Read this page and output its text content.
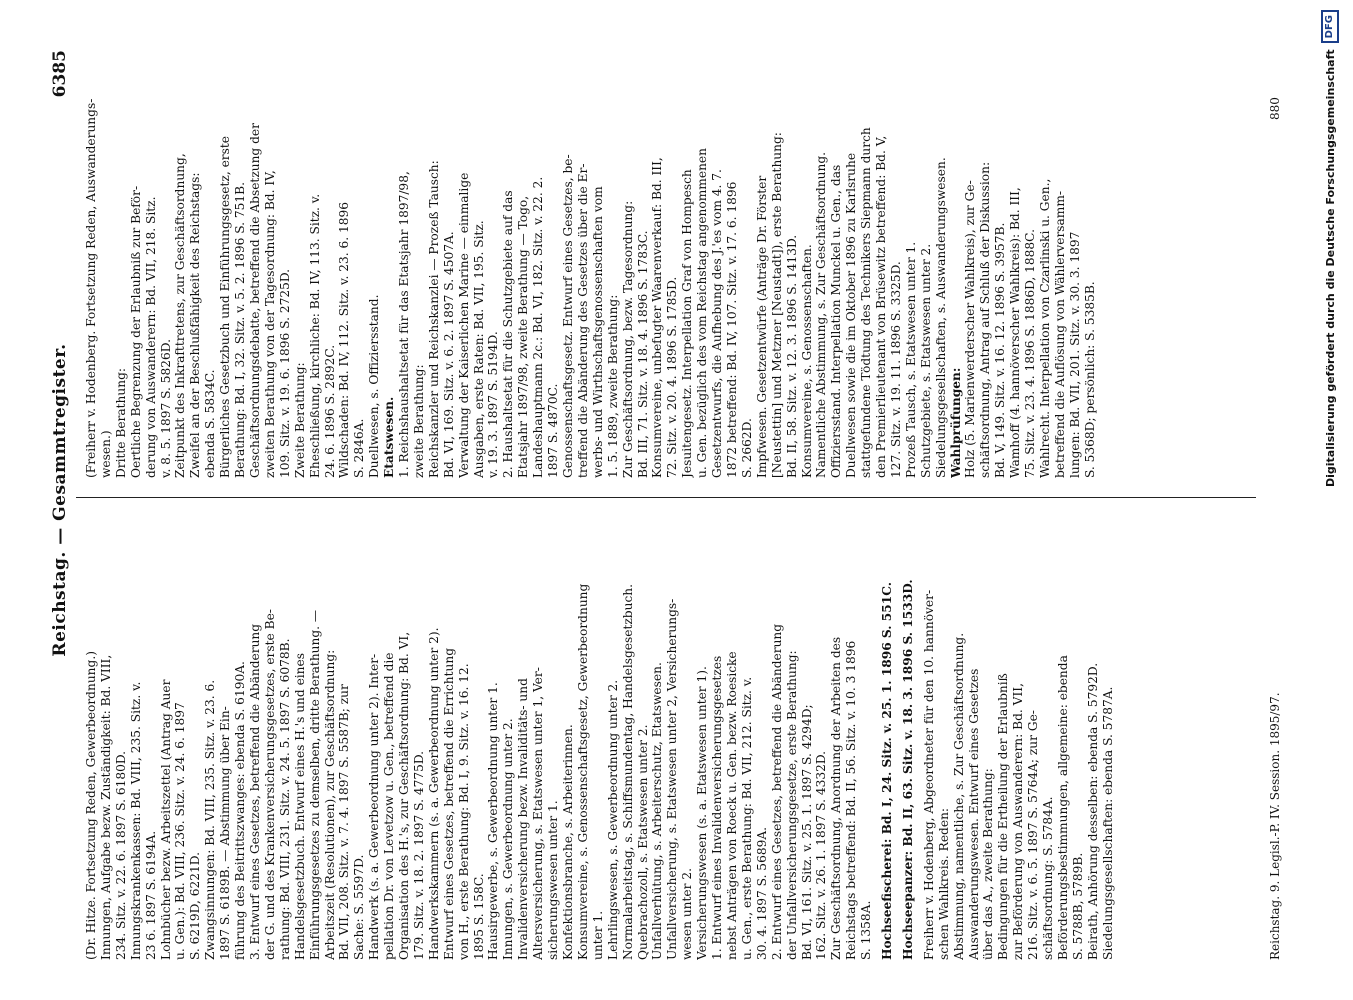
Reichstag. — Gesammtregister.
6385
(Dr. Hitze. Fortsetzung Reden, Gewerbeordnung.) Innungen, Aufgabe bezw. Zuständigkeit: Bd. VIII, 234. Sitz. v. 22. 6. 1897 S. 6180D. Innungskrankenkassen: Bd. VIII, 235. Sitz. v. 23 6. 1897 S. 6194A. Lohnbücher bezw. Arbeitszettel (Antrag Auer u. Gen.): Bd. VIII, 236. Sitz. v. 24. 6. 1897 S. 6219D, 6221D. Zwangsinnungen: Bd. VIII, 235. Sitz. v. 23. 6. 1897 S. 6189B. — Abstimmung über Ein- führung des Beitrittszwanges: ebenda S. 6190A. 3. Entwurf eines Gesetzes, betreffend die Abänderung der G. und des Krankenversicherungsgesetzes, erste Be- rathung: Bd. VIII, 231. Sitz. v. 24. 5. 1897 S. 6078B. Handelsgesetzbuch. Entwurf eines H.'s und eines Einführungsgesetzes zu demselben, dritte Berathung. — Arbeitszeit (Resolutionen), zur Geschäftsordnung: Bd. VII, 208. Sitz. v. 7. 4. 1897 S. 5587B; zur Sache: S. 5597D. Handwerk (s. a. Gewerbeordnung unter 2). Inter- pellation Dr. von Levetzow u. Gen., betreffend die Organisation des H.'s, zur Geschäftsordnung: Bd. VI, 179. Sitz. v. 18. 2. 1897 S. 4775D. Handwerkskammern (s. a. Gewerbeordnung unter 2). Entwurf eines Gesetzes, betreffend die Errichtung von H., erste Berathung: Bd. I, 9. Sitz. v. 16. 12. 1895 S. 158C. Hausirgewerbe, s. Gewerbeordnung unter 1. Innungen, s. Gewerbeordnung unter 2. Invalidenversicherung bezw. Invaliditäts- und Altersversicherung, s. Etatswesen unter 1, Ver- sicherungswesen unter 1. Konfektionsbranche, s. Arbeiterinnen. Konsumvereine, s. Genossenschaftsgesetz, Gewerbeordnung unter 1. Lehrlingswesen, s. Gewerbeordnung unter 2. Normalarbeitstag, s. Schiffsmundentag, Handelsgesetzbuch. Quebrachozoll, s. Etatswesen unter 2. Unfallverhütung, s. Arbeiterschutz, Etatswesen. Unfallversicherung, s. Etatswesen unter 2, Versicherungs- wesen unter 2. Versicherungswesen (s. a. Etatswesen unter 1). 1. Entwurf eines Invalidenversicherungsgesetzes nebst Anträgen von Roeck u. Gen. bezw. Roesicke u. Gen., erste Berathung: Bd. VII, 212. Sitz. v. 30. 4. 1897 S. 5689A. 2. Entwurf eines Gesetzes, betreffend die Abänderung der Unfallversicherungsgesetze, erste Berathung: Bd. VI, 161. Sitz. v. 25. 1. 1897 S. 4294D; 162. Sitz. v. 26. 1. 1897 S. 4332D. Zur Geschäftsordnung, Anordnung der Arbeiten des Reichstags betreffend: Bd. II, 56. Sitz. v. 10. 3 1896 S. 1358A. Hochseefischerei: Bd. I, 24. Sitz. v. 25. 1. 1896 S. 551C. Hochseepanzer: Bd. II, 63. Sitz. v. 18. 3. 1896 S. 1533D. Freiherr v. Hodenberg, Abgeordneter für den 10. hannöver- schen Wahlkreis. Reden: Abstimmung, namentliche, s. Zur Geschäftsordnung. Auswanderungswesen. Entwurf eines Gesetzes über das A., zweite Berathung: Bedingungen für die Ertheilung der Erlaubniß zur Beförderung von Auswanderern: Bd. VII, 216. Sitz. v. 6. 5. 1897 S. 5764A; zur Ge- schäftsordnung: S. 5784A. Beförderungsbestimmungen, allgemeine: ebenda S. 5788B, 5789B. Beirath, Anhörung desselben: ebenda S. 5792D. Siedelungsgesellschaften: ebenda S. 5787A.
(Freiherr v. Hodenberg. Fortsetzung Reden, Auswanderungs- wesen.) Dritte Berathung: Oertliche Begrenzung der Erlaubniß zur Beför- derung von Auswanderern: Bd. VII, 218. Sitz. v. 8. 5. 1897 S. 5826D. Zeitpunkt des Inkrafttretens, zur Geschäftsordnung, Zweifel an der Beschlußfähigkeit des Reichstags: ebenda S. 5834C. Bürgerliches Gesetzbuch und Einführungsgesetz, erste Berathung: Bd. I, 32. Sitz. v. 5. 2. 1896 S. 751B. Geschäftsordnungsdebatte, betreffend die Absetzung der zweiten Berathung von der Tagesordnung: Bd. IV, 109. Sitz. v. 19. 6. 1896 S. 2725D. Zweite Berathung: Eheschließung, kirchliche: Bd. IV, 113. Sitz. v. 24. 6. 1896 S. 2892C. Wildschaden: Bd. IV, 112. Sitz. v. 23. 6. 1896 S. 2846A. Duellwesen, s. Offiziersstand. Etatswesen. 1. Reichshaushaltsetat für das Etatsjahr 1897/98, zweite Berathung: Reichskanzler und Reichskanzlei — Prozeß Tausch: Bd. VI, 169. Sitz. v. 6. 2. 1897 S. 4507A. Verwaltung der Kaiserlichen Marine — einmalige Ausgaben, erste Raten: Bd. VII, 195. Sitz. v. 19. 3. 1897 S. 5194D. 2. Haushaltsetat für die Schutzgebiete auf das Etatsjahr 1897/98, zweite Berathung — Togo, Landeshauptmann 2c.: Bd. VI, 182. Sitz. v. 22. 2. 1897 S. 4870C. Genossenschaftsgesetz. Entwurf eines Gesetzes, be- treffend die Abänderung des Gesetzes über die Er- werbs- und Wirthschaftsgenossenschaften vom 1. 5. 1889, zweite Berathung: Zur Geschäftsordnung, bezw. Tagesordnung: Bd. III, 71. Sitz. v. 18. 4. 1896 S. 1783C. Konsumvereine, unbefugter Waarenverkauf: Bd. III, 72. Sitz. v. 20. 4. 1896 S. 1785D. Jesuitengesetz. Interpellation Graf von Hompesch u. Gen. bezüglich des vom Reichstag angenommenen Gesetzentwurfs, die Aufhebung des J.'es vom 4. 7. 1872 betreffend: Bd. IV, 107. Sitz. v. 17. 6. 1896 S. 2662D. Impfwesen. Gesetzentwürfe (Anträge Dr. Förster [Neustettin] und Metzner [Neustadt]), erste Berathung: Bd. II, 58. Sitz. v. 12. 3. 1896 S. 1413D. Konsumvereine, s. Genossenschaften. Namentliche Abstimmung, s. Zur Geschäftsordnung. Offiziersstand. Interpellation Munckel u. Gen., das Duellwesen sowie die im Oktober 1896 zu Karlsruhe stattgefundene Tödtung des Technikers Siepmann durch den Premierlieutenant von Brüsewitz betreffend: Bd. V, 127. Sitz. v. 19. 11. 1896 S. 3325D. Prozeß Tausch, s. Etatswesen unter 1. Schutzgebiete, s. Etatswesen unter 2. Siedelungsgesellschaften, s. Auswanderungswesen. Wahlprüfungen: Holz (5. Marienwerderscher Wahlkreis), zur Ge- schäftsordnung, Antrag auf Schluß der Diskussion: Bd. V, 149. Sitz. v. 16. 12. 1896 S. 3957B. Wamhoff (4. hannöverscher Wahlkreis): Bd. III, 75. Sitz. v. 23. 4. 1896 S. 1886D, 1888C. Wahlrecht. Interpellation von Czarlinski u. Gen., betreffend die Auflösung von Wählerversamm- lungen: Bd. VII, 201. Sitz. v. 30. 3. 1897 S. 5368D; persönlich: S. 5385B.
Reichstag. 9. Legisl.-P. IV. Session. 1895/97.
880	Digitalisierung gefördert durch die Deutsche Forschungsgemeinschaft
DFG
